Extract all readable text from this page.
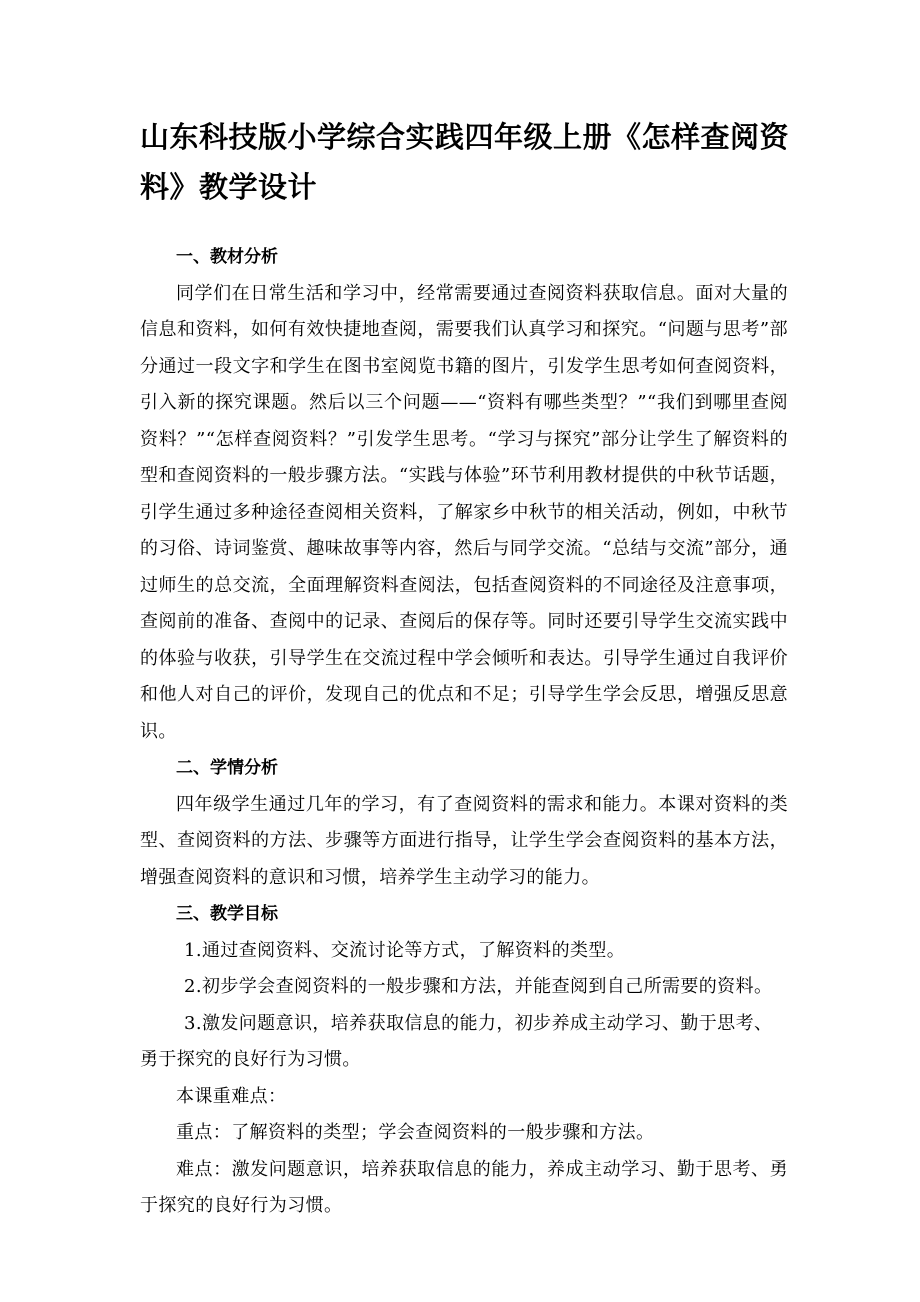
山东科技版小学综合实践四年级上册《怎样查阅资料》教学设计
一、教材分析

同学们在日常生活和学习中，经常需要通过查阅资料获取信息。面对大量的信息和资料，如何有效快捷地查阅，需要我们认真学习和探究。“问题与思考”部分通过一段文字和学生在图书室阅览书籍的图片，引发学生思考如何查阅资料，引入新的探究课题。然后以三个问题——“资料有哪些类型？”“我们到哪里查阅资料？”“怎样查阅资料？”引发学生思考。“学习与探究”部分让学生了解资料的型和查阅资料的一般步骤方法。“实践与体验”环节利用教材提供的中秋节话题，引学生通过多种途径查阅相关资料，了解家乡中秋节的相关活动，例如，中秋节的习俗、诗词鉴赏、趣味故事等内容，然后与同学交流。“总结与交流”部分，通过师生的总交流，全面理解资料查阅法，包括查阅资料的不同途径及注意事项，查阅前的准备、查阅中的记录、查阅后的保存等。同时还要引导学生交流实践中的体验与收获，引导学生在交流过程中学会倾听和表达。引导学生通过自我评价和他人对自己的评价，发现自己的优点和不足；引导学生学会反思，增强反思意识。

二、学情分析

四年级学生通过几年的学习，有了查阅资料的需求和能力。本课对资料的类型、查阅资料的方法、步骤等方面进行指导，让学生学会查阅资料的基本方法，增强查阅资料的意识和习惯，培养学生主动学习的能力。

三、教学目标

1.通过查阅资料、交流讨论等方式，了解资料的类型。

2.初步学会查阅资料的一般步骤和方法，并能查阅到自己所需要的资料。

3.激发问题意识，培养获取信息的能力，初步养成主动学习、勤于思考、勇于探究的良好行为习惯。

本课重难点：

重点：了解资料的类型；学会查阅资料的一般步骤和方法。

难点：激发问题意识，培养获取信息的能力，养成主动学习、勤于思考、勇于探究的良好行为习惯。
